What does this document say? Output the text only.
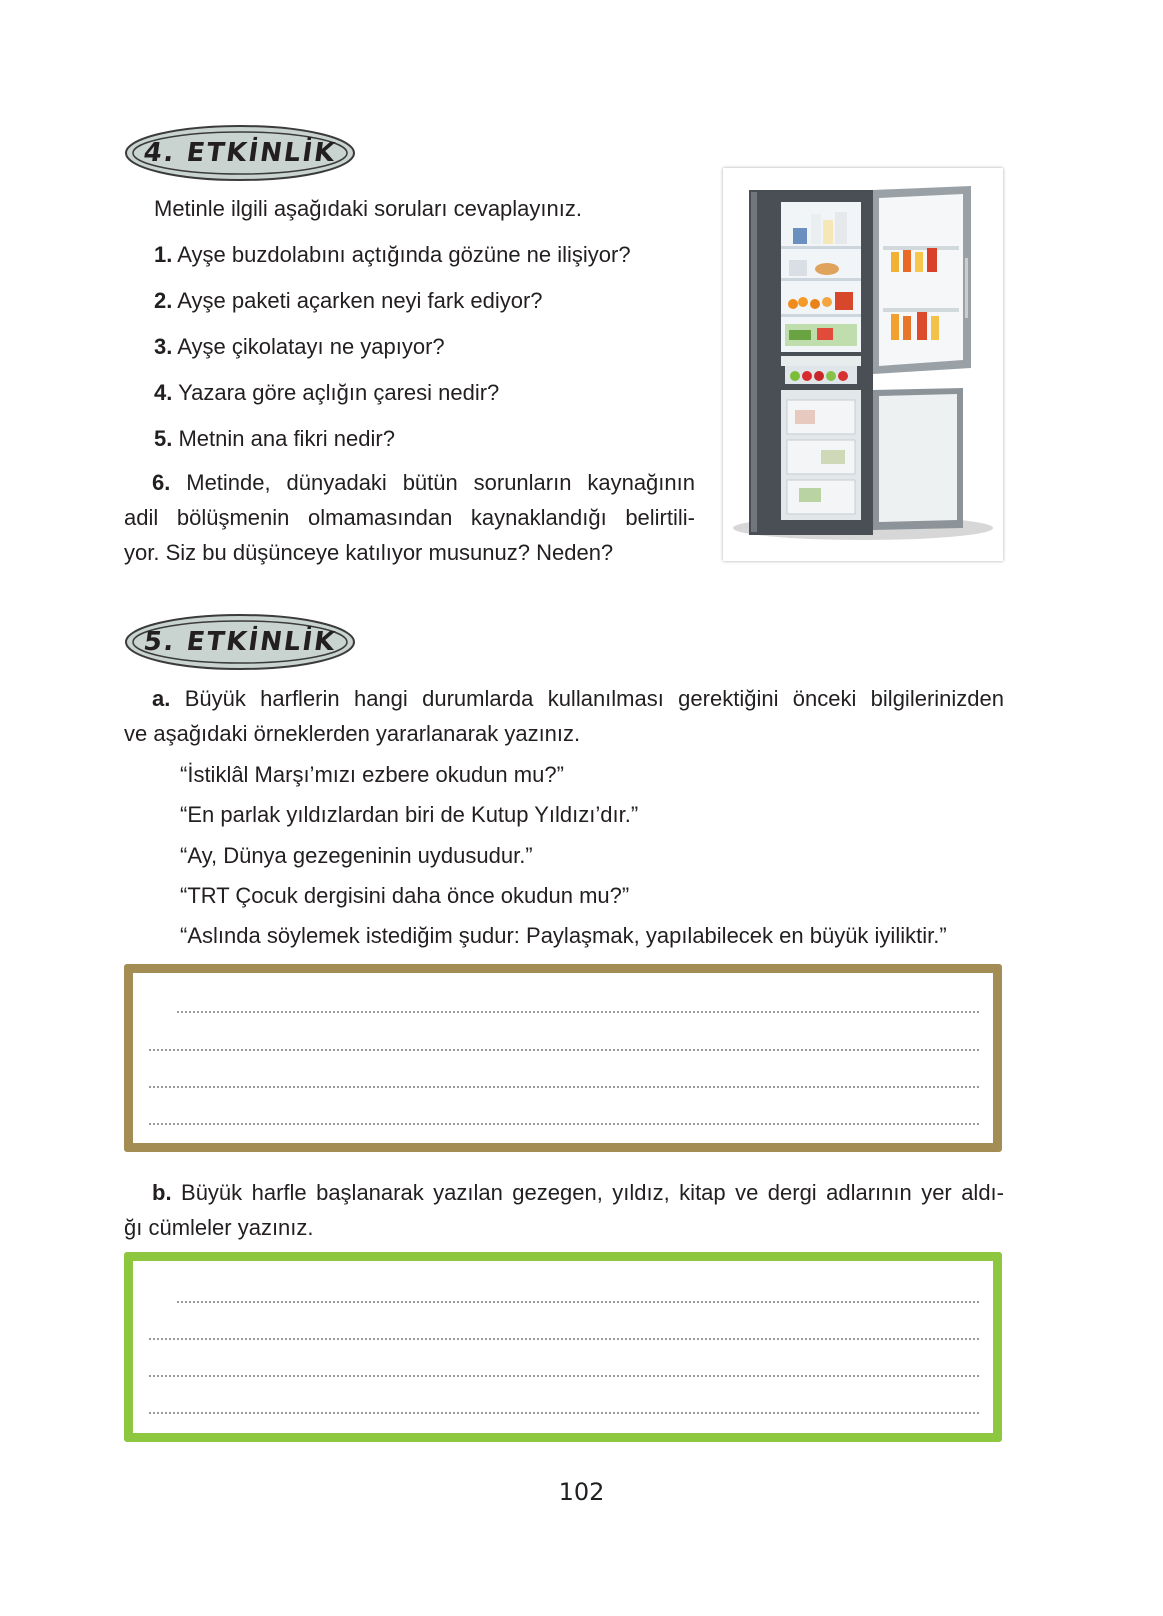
4. ETKİNLİK
Metinle ilgili aşağıdaki soruları cevaplayınız.
1. Ayşe buzdolabını açtığında gözüne ne ilişiyor?
2. Ayşe paketi açarken neyi fark ediyor?
3. Ayşe çikolatayı ne yapıyor?
4. Yazara göre açlığın çaresi nedir?
5. Metnin ana fikri nedir?
6. Metinde, dünyadaki bütün sorunların kaynağının
adil bölüşmenin olmamasından kaynaklandığı belirtili-
yor. Siz bu düşünceye katılıyor musunuz? Neden?
5. ETKİNLİK
a. Büyük harflerin hangi durumlarda kullanılması gerektiğini önceki bilgilerinizden
ve aşağıdaki örneklerden yararlanarak yazınız.
“İstiklâl Marşı’mızı ezbere okudun mu?”
“En parlak yıldızlardan biri de Kutup Yıldızı’dır.”
“Ay, Dünya gezegeninin uydusudur.”
“TRT Çocuk dergisini daha önce okudun mu?”
“Aslında söylemek istediğim şudur: Paylaşmak, yapılabilecek en büyük iyiliktir.”
b. Büyük harfle başlanarak yazılan gezegen, yıldız, kitap ve dergi adlarının yer aldı-
ğı cümleler yazınız.
102
